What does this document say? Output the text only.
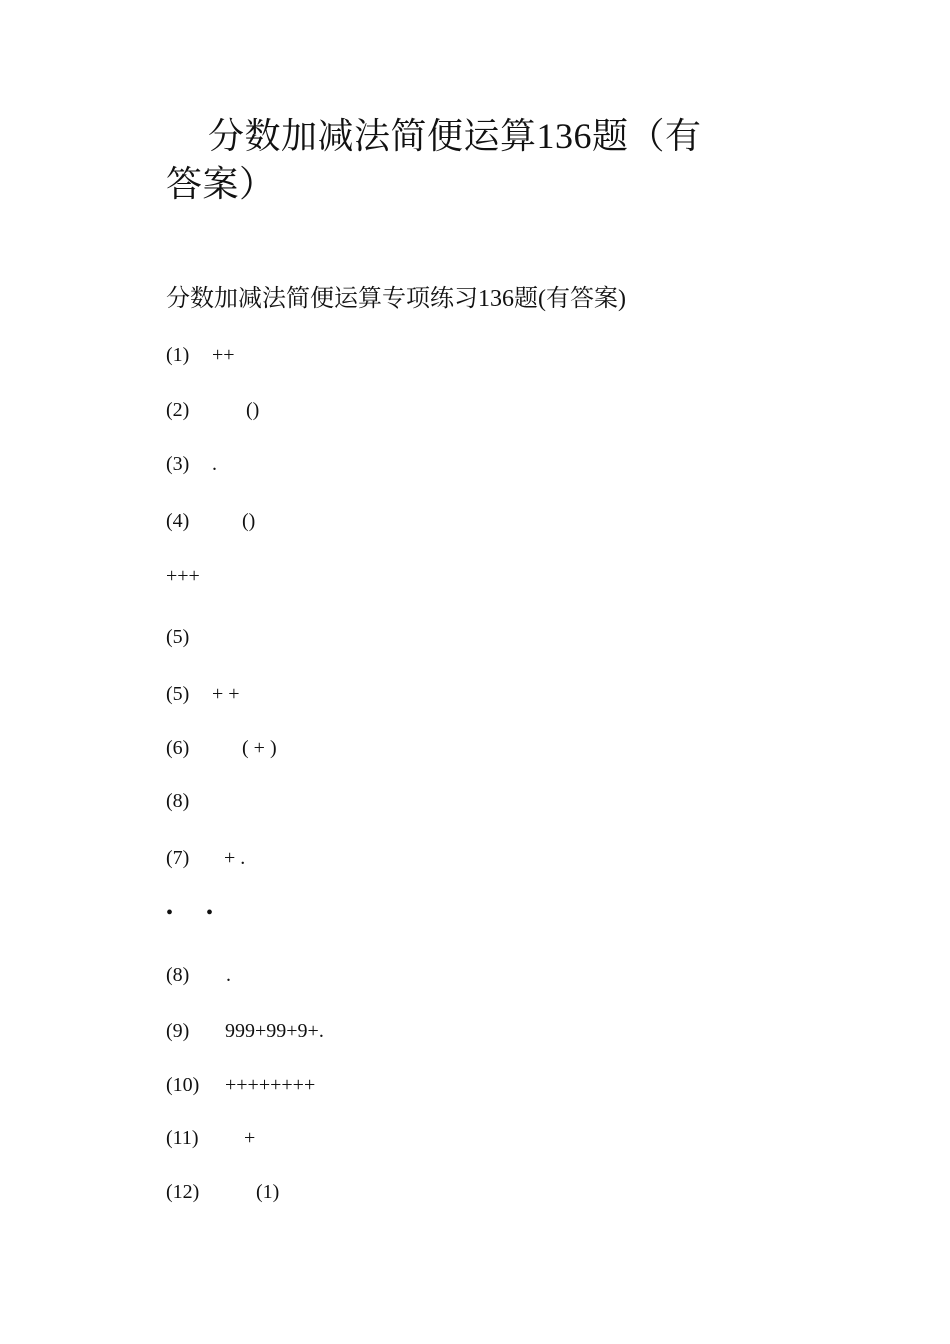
分数加减法简便运算136题（有答案）

分数加减法简便运算专项练习136题(有答案)

(1) ++
(2)	()
(3) .
(4)	()
+++
(5)
(5) + +
(6)	( + )
(8)
(7) + .
• •
(8) .
(9) 999+99+9+.
(10) ++++++++
(11) +
(12)	(1)
